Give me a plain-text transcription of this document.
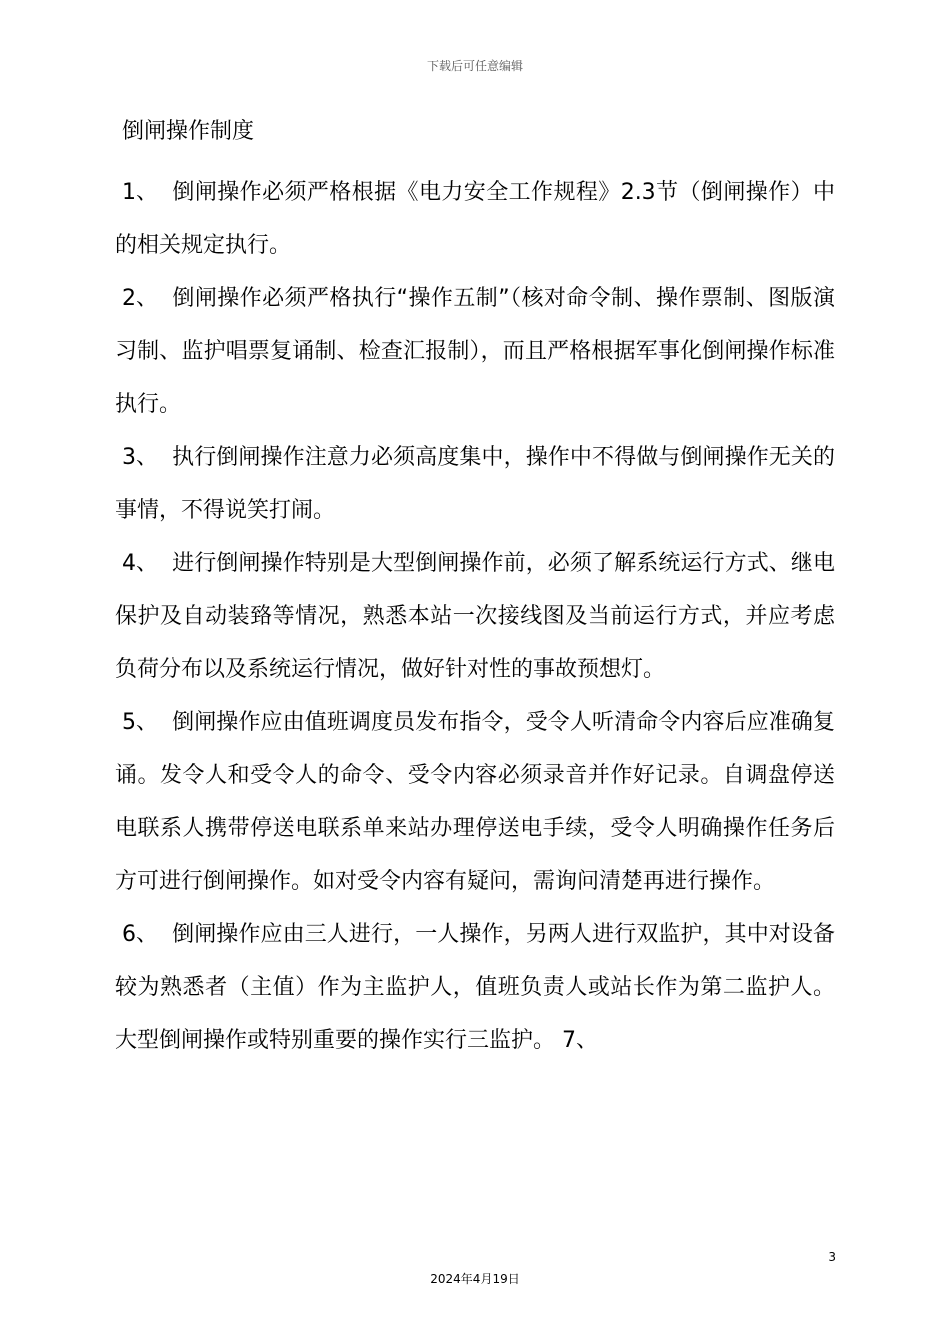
下载后可任意编辑
倒闸操作制度

1、 倒闸操作必须严格根据《电力安全工作规程》2.3节（倒闸操作）中的相关规定执行。

2、 倒闸操作必须严格执行“操作五制”（核对命令制、操作票制、图版演习制、监护唱票复诵制、检查汇报制），而且严格根据军事化倒闸操作标准执行。

3、 执行倒闸操作注意力必须高度集中，操作中不得做与倒闸操作无关的事情，不得说笑打闹。

4、 进行倒闸操作特别是大型倒闸操作前，必须了解系统运行方式、继电保护及自动装臵等情况，熟悉本站一次接线图及当前运行方式，并应考虑负荷分布以及系统运行情况，做好针对性的事故预想灯。

5、 倒闸操作应由值班调度员发布指令，受令人听清命令内容后应准确复诵。发令人和受令人的命令、受令内容必须录音并作好记录。自调盘停送电联系人携带停送电联系单来站办理停送电手续，受令人明确操作任务后方可进行倒闸操作。如对受令内容有疑问，需询问清楚再进行操作。

6、 倒闸操作应由三人进行，一人操作，另两人进行双监护，其中对设备较为熟悉者（主值）作为主监护人，值班负责人或站长作为第二监护人。大型倒闸操作或特别重要的操作实行三监护。 7、

3
2024年4月19日
